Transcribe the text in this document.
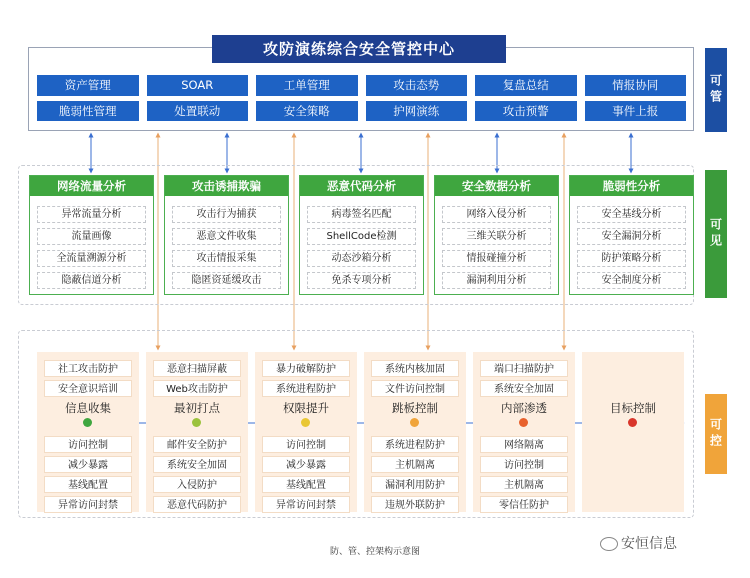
攻防演练综合安全管控中心
资产管理	SOAR	工单管理	攻击态势	复盘总结	情报协同
脆弱性管理	处置联动	安全策略	护网演练	攻击预警	事件上报
可管
网络流量分析
异常流量分析
流量画像
全流量溯源分析
隐蔽信道分析
攻击诱捕欺骗
攻击行为捕获
恶意文件收集
攻击情报采集
隐匿资延缓攻击
恶意代码分析
病毒签名匹配
ShellCode检测
动态沙箱分析
免杀专项分析
安全数据分析
网络入侵分析
三维关联分析
情报碰撞分析
漏洞利用分析
脆弱性分析
安全基线分析
安全漏洞分析
防护策略分析
安全制度分析
可见
社工攻击防护
安全意识培训
信息收集
访问控制
减少暴露
基线配置
异常访问封禁
恶意扫描屏蔽
Web攻击防护
最初打点
邮件安全防护
系统安全加固
入侵防护
恶意代码防护
暴力破解防护
系统进程防护
权限提升
访问控制
减少暴露
基线配置
异常访问封禁
系统内核加固
文件访问控制
跳板控制
系统进程防护
主机隔离
漏洞利用防护
违规外联防护
端口扫描防护
系统安全加固
内部渗透
网络隔离
访问控制
主机隔离
零信任防护
目标控制
可控
防、管、控架构示意图	安恒信息
